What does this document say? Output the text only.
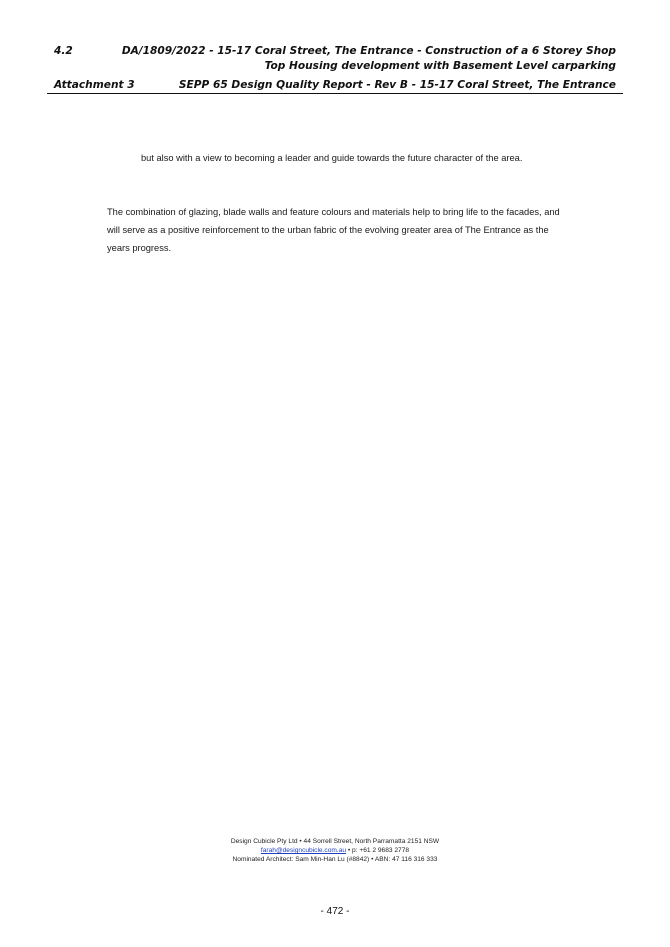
4.2	DA/1809/2022 - 15-17 Coral Street, The Entrance - Construction of a 6 Storey Shop
Top Housing development with Basement Level carparking
Attachment 3	SEPP 65 Design Quality Report - Rev B - 15-17 Coral Street, The Entrance

but also with a view to becoming a leader and guide towards the future character of the area.

The combination of glazing, blade walls and feature colours and materials help to bring life to the facades, and will serve as a positive reinforcement to the urban fabric of the evolving greater area of The Entrance as the years progress.

Design Cubicle Pty Ltd • 44 Sorrell Street, North Parramatta 2151 NSW
farah@designcubicle.com.au • p: +61 2 9683 2778
Nominated Architect: Sam Min-Han Lu (#8842) • ABN: 47 116 316 333
- 472 -
